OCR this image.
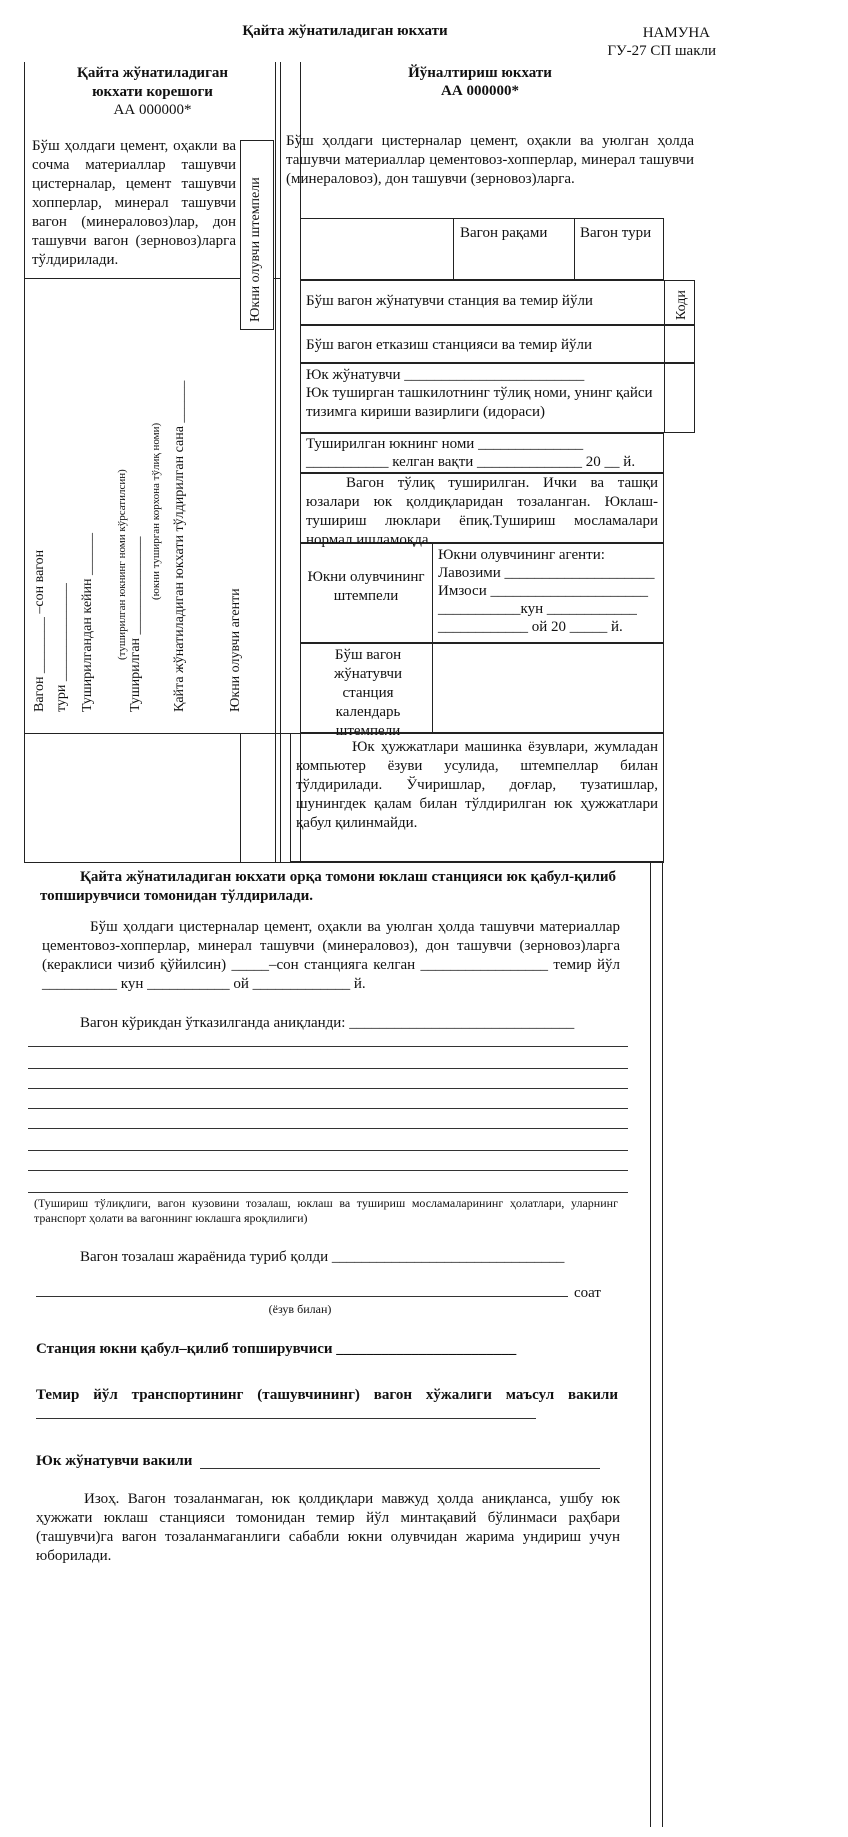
Қайта жўнатиладиган юкхати	НАМУНА
ГУ-27 СП шакли
Қайта жўнатиладиган
юкхати корешоги
АА 000000*
Бўш ҳолдаги цемент, оҳакли ва сочма материаллар ташувчи цистерналар, цемент ташувчи хопперлар, минерал ташувчи вагон (минераловоз)лар, дон ташувчи вагон (зерновоз)ларга тўлдирилади.
Вагон ________ –сон вагон тури ______________ Туширилгандан кейин ______ (туширилган юкнинг номи кўрсатилсин) Туширилган ______________
(юкни туширган корхона тўлиқ номи) Қайта жўнатиладиган юкхати тўлдирилган сана ______	Юкни олувчи агенти
Юкни олувчи штемпели
Йўналтириш юкхати
АА 000000*
Бўш ҳолдаги цистерналар цемент, оҳакли ва уюлган ҳолда ташувчи материаллар цементовоз-хопперлар, минерал ташувчи (минераловоз), дон ташувчи (зерновоз)ларга.
Вагон рақами Вагон тури
Бўш вагон жўнатувчи станция ва темир йўли	Коди
Бўш вагон етказиш станцияси ва темир йўли
Юк жўнатувчи ________________________
Юк туширган ташкилотнинг тўлиқ номи, унинг қайси тизимга кириши вазирлиги (идораси)
Туширилган юкнинг номи ______________
___________ келган вақти ______________ 20 __ й.
Вагон тўлиқ туширилган. Ички ва ташқи юзалари юк қолдиқларидан тозаланган. Юклаш-тушириш люклари ёпиқ.Тушириш мосламалари нормал ишламоқда.
Юкни олувчининг штемпели
Юкни олувчининг агенти:
Лавозими ____________________
Имзоси _____________________
___________кун ____________
____________ ой 20 _____ й.
Бўш вагон жўнатувчи станция календарь штемпели
Юк ҳужжатлари машинка ёзувлари, жумладан компьютер ёзуви усулида, штемпеллар билан тўлдирилади. Ўчиришлар, доғлар, тузатишлар, шунингдек қалам билан тўлдирилган юк ҳужжатлари қабул қилинмайди.
Қайта жўнатиладиган юкхати орқа томони юклаш станцияси юк қабул-қилиб топширувчиси томонидан тўлдирилади.
Бўш ҳолдаги цистерналар цемент, оҳакли ва уюлган ҳолда ташувчи материаллар цементовоз-хопперлар, минерал ташувчи (минераловоз), дон ташувчи (зерновоз)ларга (кераклиси чизиб қўйилсин) _____–сон станцияга келган _________________ темир йўл __________ кун ___________ ой _____________ й.
Вагон кўрикдан ўтказилганда аниқланди: ______________________________
(Тушириш тўлиқлиги, вагон кузовини тозалаш, юклаш ва тушириш мосламаларининг ҳолатлари, уларнинг транспорт ҳолати ва вагоннинг юклашга яроқлилиги)
Вагон тозалаш жараёнида туриб қолди _______________________________
соат
(ёзув билан)
Станция юкни қабул–қилиб топширувчиси ________________________
Темир йўл транспортининг (ташувчининг) вагон хўжалиги маъсул вакили
Юк жўнатувчи вакили
Изоҳ. Вагон тозаланмаган, юк қолдиқлари мавжуд ҳолда аниқланса, ушбу юк ҳужжати юклаш станцияси томонидан темир йўл минтақавий бўлинмаси раҳбари (ташувчи)га вагон тозаланмаганлиги сабабли юкни олувчидан жарима ундириш учун юборилади.
